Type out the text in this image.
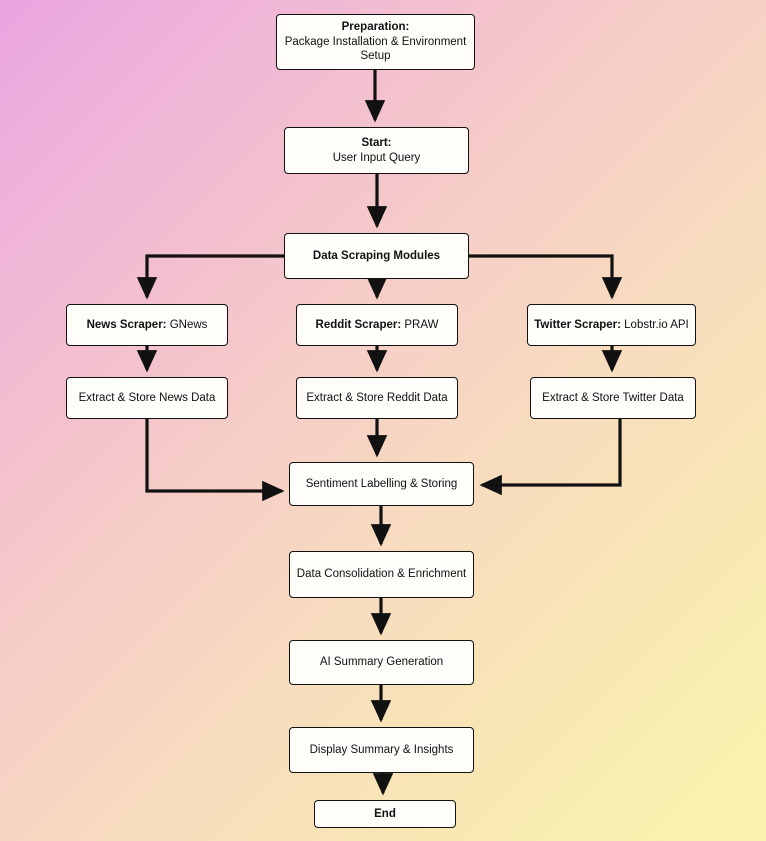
Preparation:
Package Installation & Environment Setup
Start:
User Input Query
Data Scraping Modules
News Scraper: GNews	Reddit Scraper: PRAW	Twitter Scraper: Lobstr.io API
Extract & Store News Data	Extract & Store Reddit Data	Extract & Store Twitter Data
Sentiment Labelling & Storing
Data Consolidation & Enrichment
AI Summary Generation
Display Summary & Insights
End
